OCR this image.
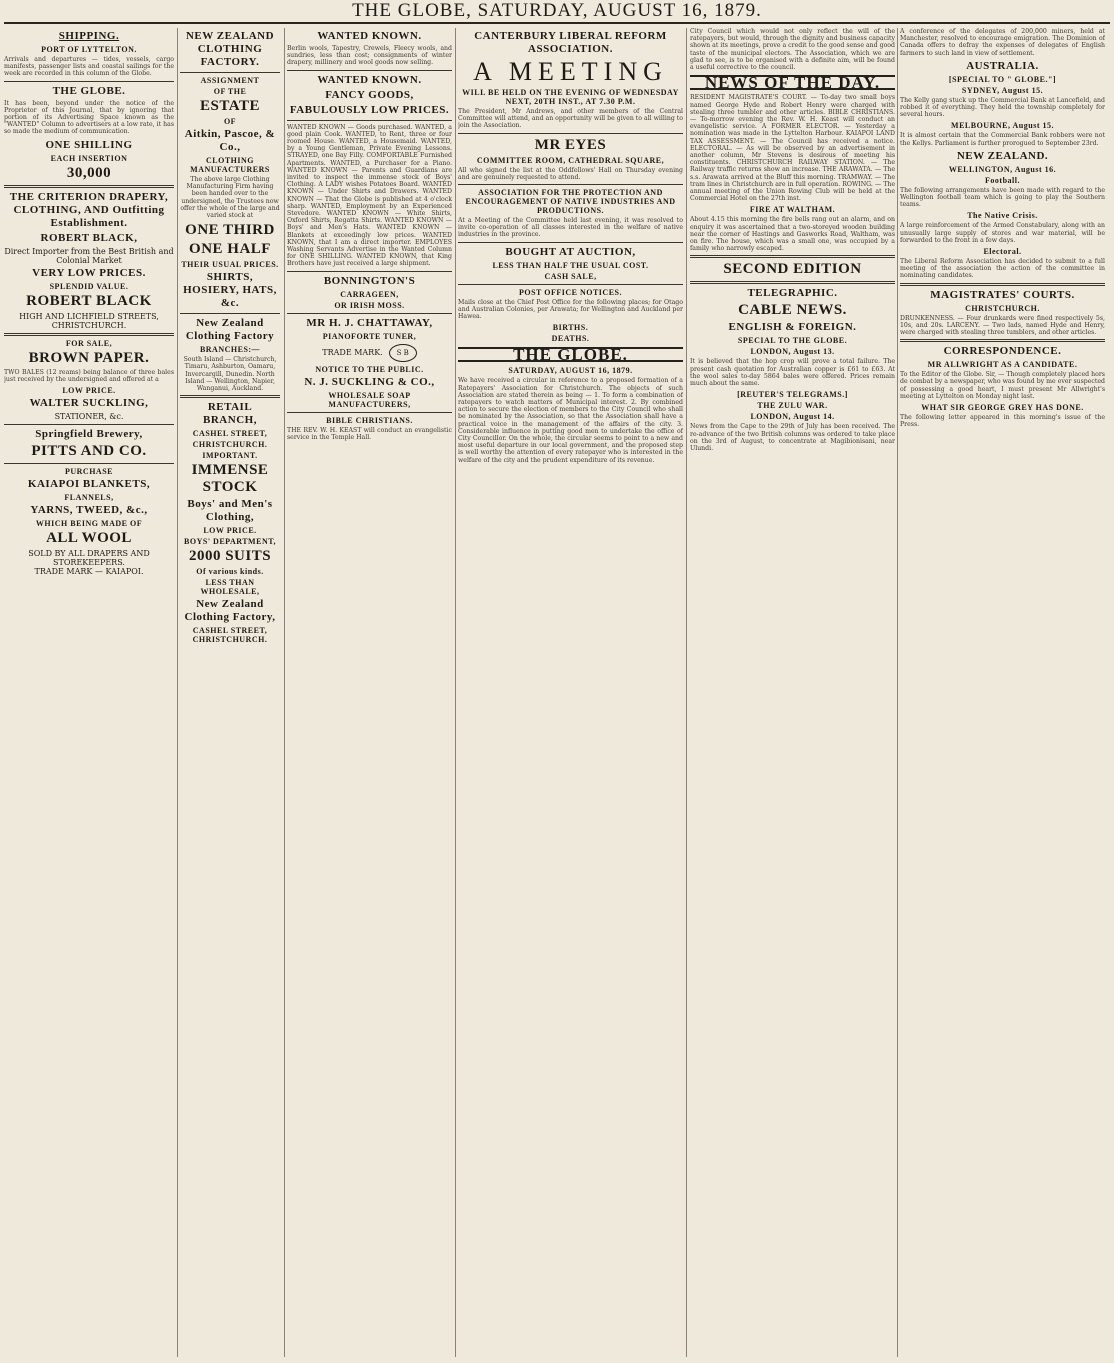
THE GLOBE, SATURDAY, AUGUST 16, 1879.
SHIPPING.
PORT OF LYTTELTON.

Arrivals and departures — tides, vessels, cargo manifests, passenger lists and coastal sailings for the week are recorded in this column of the Globe.

THE GLOBE.

It has been, beyond under the notice of the Proprietor of this Journal, that by ignoring that portion of its Advertising Space known as the "WANTED" Column to advertisers at a low rate, it has so made the medium of communication.

ONE SHILLING
EACH INSERTION
30,000
THE CRITERION DRAPERY, CLOTHING, AND Outfitting Establishment.
ROBERT BLACK,
Direct Importer from the Best British and Colonial Market
VERY LOW PRICES.
SPLENDID VALUE.
ROBERT BLACK
HIGH AND LICHFIELD STREETS, CHRISTCHURCH.
FOR SALE,
BROWN PAPER.

TWO BALES (12 reams) being balance of three bales just received by the undersigned and offered at a

LOW PRICE.
WALTER SUCKLING,
STATIONER, &c.
Springfield Brewery,
PITTS AND CO.
PURCHASE
KAIAPOI BLANKETS,
FLANNELS,
YARNS, TWEED, &c.,
WHICH BEING MADE OF
ALL WOOL
SOLD BY ALL DRAPERS AND STOREKEEPERS.
TRADE MARK — KAIAPOI.
NEW ZEALAND CLOTHING FACTORY.
ASSIGNMENT
OF THE
ESTATE
OF
Aitkin, Pascoe, & Co.,
CLOTHING MANUFACTURERS

The above large Clothing Manufacturing Firm having been handed over to the undersigned, the Trustees now offer the whole of the large and varied stock at

ONE THIRD
ONE HALF
THEIR USUAL PRICES.
SHIRTS, HOSIERY, HATS, &c.
New Zealand Clothing Factory
BRANCHES:—

South Island — Christchurch, Timaru, Ashburton, Oamaru, Invercargill, Dunedin. North Island — Wellington, Napier, Wanganui, Auckland.

RETAIL BRANCH,
CASHEL STREET,
CHRISTCHURCH.
IMPORTANT.
IMMENSE STOCK
Boys' and Men's Clothing,
LOW PRICE.
BOYS' DEPARTMENT,
2000 SUITS
Of various kinds.
LESS THAN WHOLESALE,
New Zealand Clothing Factory,
CASHEL STREET, CHRISTCHURCH.
WANTED KNOWN.

Berlin wools, Tapestry, Crewels, Fleecy wools, and sundries, less than cost; consignments of winter drapery, millinery and wool goods now selling.

WANTED KNOWN.
FANCY GOODS,
FABULOUSLY LOW PRICES.

WANTED KNOWN — Goods purchased. WANTED, a good plain Cook. WANTED, to Rent, three or four roomed House. WANTED, a Housemaid. WANTED, by a Young Gentleman, Private Evening Lessons. STRAYED, one Bay Filly. COMFORTABLE Furnished Apartments. WANTED, a Purchaser for a Piano. WANTED KNOWN — Parents and Guardians are invited to inspect the immense stock of Boys' Clothing. A LADY wishes Potatoes Board. WANTED KNOWN — Under Shirts and Drawers. WANTED KNOWN — That the Globe is published at 4 o'clock sharp. WANTED, Employment by an Experienced Stevedore. WANTED KNOWN — White Shirts, Oxford Shirts, Regatta Shirts. WANTED KNOWN — Boys' and Men's Hats. WANTED KNOWN — Blankets at exceedingly low prices. WANTED KNOWN, that I am a direct importer. EMPLOYES Washing Servants Advertise in the Wanted Column for ONE SHILLING. WANTED KNOWN, that King Brothers have just received a large shipment.

BONNINGTON'S
CARRAGEEN,
OR IRISH MOSS.
MR H. J. CHATTAWAY,
PIANOFORTE TUNER,
TRADE MARK.	S B
NOTICE TO THE PUBLIC.
N. J. SUCKLING & CO.,
WHOLESALE SOAP MANUFACTURERS,
BIBLE CHRISTIANS.

THE REV. W. H. KEAST will conduct an evangelistic service in the Temple Hall.

CANTERBURY LIBERAL REFORM ASSOCIATION.
A MEETING
WILL BE HELD ON THE EVENING OF WEDNESDAY NEXT, 20TH INST., AT 7.30 P.M.

The President, Mr Andrews, and other members of the Central Committee will attend, and an opportunity will be given to all willing to join the Association.

MR EYES
COMMITTEE ROOM, CATHEDRAL SQUARE,

All who signed the list at the Oddfellows' Hall on Thursday evening and are genuinely requested to attend.

ASSOCIATION FOR THE PROTECTION AND ENCOURAGEMENT OF NATIVE INDUSTRIES AND PRODUCTIONS.

At a Meeting of the Committee held last evening, it was resolved to invite co-operation of all classes interested in the welfare of native industries in the province.

BOUGHT AT AUCTION,
LESS THAN HALF THE USUAL COST.
CASH SALE,
POST OFFICE NOTICES.

Mails close at the Chief Post Office for the following places; for Otago and Australian Colonies, per Arawata; for Wellington and Auckland per Hawea.

BIRTHS.
DEATHS.
THE GLOBE.
SATURDAY, AUGUST 16, 1879.

We have received a circular in reference to a proposed formation of a Ratepayers' Association for Christchurch. The objects of such Association are stated therein as being — 1. To form a combination of ratepayers to watch matters of Municipal interest. 2. By combined action to secure the election of members to the City Council who shall be nominated by the Association, so that the Association shall have a practical voice in the management of the affairs of the city. 3. Considerable influence in putting good men to undertake the office of City Councillor. On the whole, the circular seems to point to a new and most useful departure in our local government, and the proposed step is well worthy the attention of every ratepayer who is interested in the welfare of the city and the prudent expenditure of its revenue.

City Council which would not only reflect the will of the ratepayers, but would, through the dignity and business capacity shown at its meetings, prove a credit to the good sense and good taste of the municipal electors. The Association, which we are glad to see, is to be organised with a definite aim, will be found a useful corrective to the council.

NEWS OF THE DAY.

RESIDENT MAGISTRATE'S COURT. — To-day two small boys named George Hyde and Robert Henry were charged with stealing three tumbler and other articles. BIBLE CHRISTIANS. — To-morrow evening the Rev. W. H. Keast will conduct an evangelistic service. A FORMER ELECTOR. — Yesterday a nomination was made in the Lyttelton Harbour. KAIAPOI LAND TAX ASSESSMENT. — The Council has received a notice. ELECTORAL. — As will be observed by an advertisement in another column, Mr Stevens is desirous of meeting his constituents. CHRISTCHURCH RAILWAY STATION. — The Railway traffic returns show an increase. THE ARAWATA. — The s.s. Arawata arrived at the Bluff this morning. TRAMWAY. — The tram lines in Christchurch are in full operation. ROWING. — The annual meeting of the Union Rowing Club will be held at the Commercial Hotel on the 27th inst.

FIRE AT WALTHAM.

About 4.15 this morning the fire bells rang out an alarm, and on enquiry it was ascertained that a two-storeyed wooden building near the corner of Hastings and Gasworks Road, Waltham, was on fire. The house, which was a small one, was occupied by a family who narrowly escaped.

SECOND EDITION
TELEGRAPHIC.
CABLE NEWS.
ENGLISH & FOREIGN.
SPECIAL TO THE GLOBE.
LONDON, August 13.

It is believed that the hop crop will prove a total failure. The present cash quotation for Australian copper is £61 to £63. At the wool sales to-day 5864 bales were offered. Prices remain much about the same.

[REUTER'S TELEGRAMS.]
THE ZULU WAR.
LONDON, August 14.

News from the Cape to the 29th of July has been received. The re-advance of the two British columns was ordered to take place on the 3rd of August, to concentrate at Magibionisani, near Ulundi.

A conference of the delegates of 200,000 miners, held at Manchester, resolved to encourage emigration. The Dominion of Canada offers to defray the expenses of delegates of English farmers to such land in view of settlement.

AUSTRALIA.
[SPECIAL TO " GLOBE."]
SYDNEY, August 15.

The Kelly gang stuck up the Commercial Bank at Lancefield, and robbed it of everything. They held the township completely for several hours.

MELBOURNE, August 15.

It is almost certain that the Commercial Bank robbers were not the Kellys. Parliament is further prorogued to September 23rd.

NEW ZEALAND.
WELLINGTON, August 16.
Football.

The following arrangements have been made with regard to the Wellington football team which is going to play the Southern teams.

The Native Crisis.

A large reinforcement of the Armed Constabulary, along with an unusually large supply of stores and war material, will be forwarded to the front in a few days.

Electoral.

The Liberal Reform Association has decided to submit to a full meeting of the association the action of the committee in nominating candidates.

MAGISTRATES' COURTS.
CHRISTCHURCH.

DRUNKENNESS. — Four drunkards were fined respectively 5s, 10s, and 20s. LARCENY. — Two lads, named Hyde and Henry, were charged with stealing three tumblers, and other articles.

CORRESPONDENCE.
MR ALLWRIGHT AS A CANDIDATE.

To the Editor of the Globe. Sir, — Though completely placed hors de combat by a newspaper, who was found by me ever suspected of possessing a good heart, I must present Mr Allwright's meeting at Lyttelton on Monday night last.

WHAT SIR GEORGE GREY HAS DONE.

The following letter appeared in this morning's issue of the Press.
